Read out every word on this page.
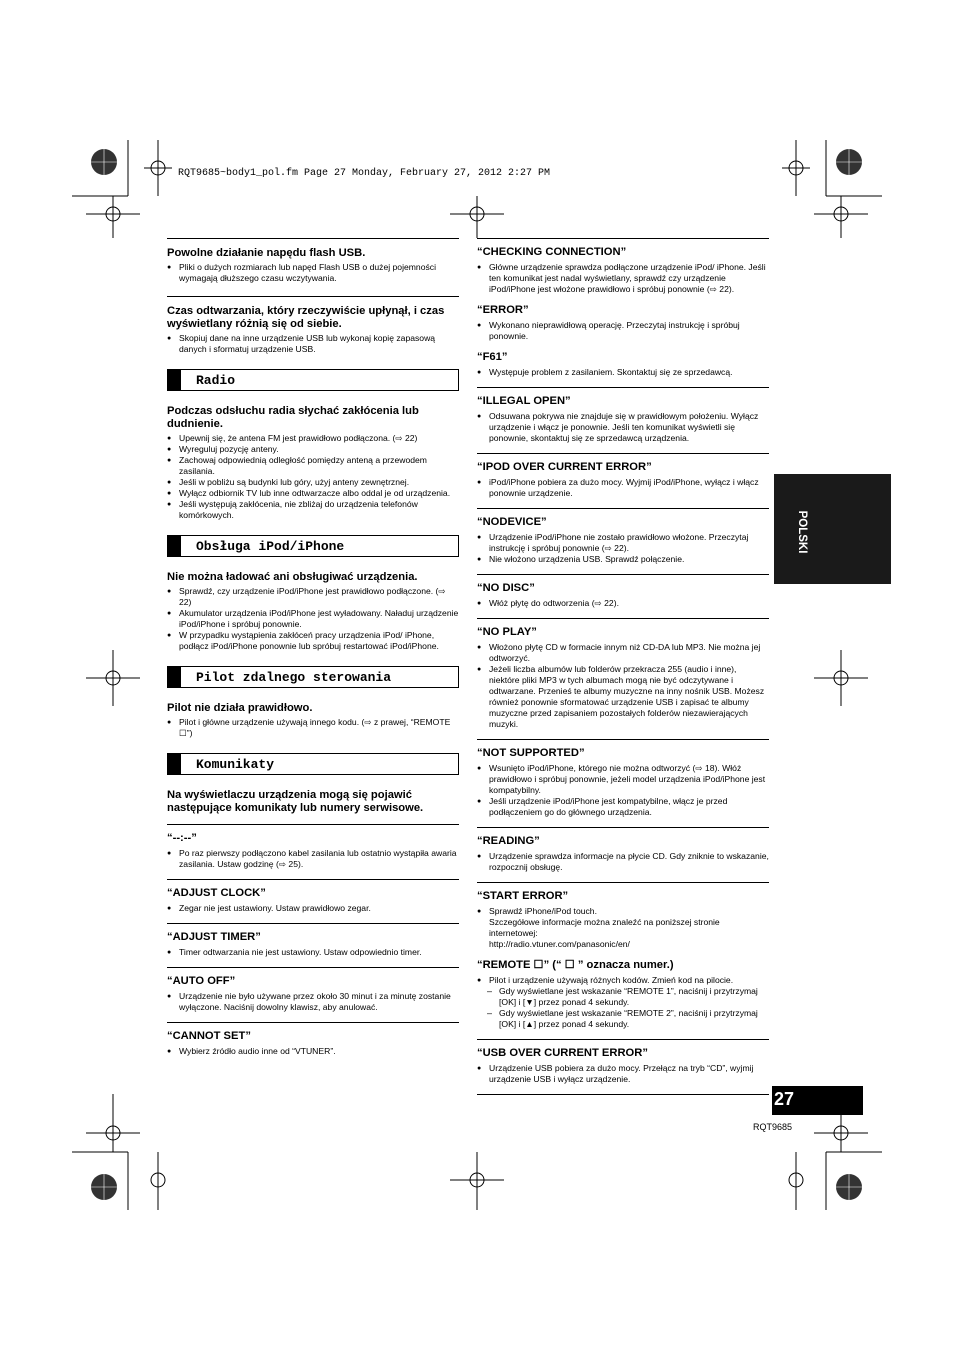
RQT9685~body1_pol.fm Page 27 Monday, February 27, 2012 2:27 PM
Powolne działanie napędu flash USB.
● Pliki o dużych rozmiarach lub napęd Flash USB o dużej pojemności wymagają dłuższego czasu wczytywania.
Czas odtwarzania, który rzeczywiście upłynął, i czas wyświetlany różnią się od siebie.
● Skopiuj dane na inne urządzenie USB lub wykonaj kopię zapasową danych i sformatuj urządzenie USB.
Radio
Podczas odsłuchu radia słychać zakłócenia lub dudnienie.
● Upewnij się, że antena FM jest prawidłowo podłączona. (⇨ 22)
● Wyreguluj pozycję anteny.
● Zachowaj odpowiednią odległość pomiędzy anteną a przewodem zasilania.
● Jeśli w pobliżu są budynki lub góry, użyj anteny zewnętrznej.
● Wyłącz odbiornik TV lub inne odtwarzacze albo oddal je od urządzenia.
● Jeśli występują zakłócenia, nie zbliżaj do urządzenia telefonów komórkowych.
Obsługa iPod/iPhone
Nie można ładować ani obsługiwać urządzenia.
● Sprawdź, czy urządzenie iPod/iPhone jest prawidłowo podłączone. (⇨ 22)
● Akumulator urządzenia iPod/iPhone jest wyładowany. Naładuj urządzenie iPod/iPhone i spróbuj ponownie.
● W przypadku wystąpienia zakłóceń pracy urządzenia iPod/ iPhone, podłącz iPod/iPhone ponownie lub spróbuj restartować iPod/iPhone.
Pilot zdalnego sterowania
Pilot nie działa prawidłowo.
● Pilot i główne urządzenie używają innego kodu. (⇨ z prawej, “REMOTE ☐”)
Komunikaty
Na wyświetlaczu urządzenia mogą się pojawić następujące komunikaty lub numery serwisowe.
“--:--”
● Po raz pierwszy podłączono kabel zasilania lub ostatnio wystąpiła awaria zasilania. Ustaw godzinę (⇨ 25).
“ADJUST CLOCK”
● Zegar nie jest ustawiony. Ustaw prawidłowo zegar.
“ADJUST TIMER”
● Timer odtwarzania nie jest ustawiony. Ustaw odpowiednio timer.
“AUTO OFF”
● Urządzenie nie było używane przez około 30 minut i za minutę zostanie wyłączone. Naciśnij dowolny klawisz, aby anulować.
“CANNOT SET”
● Wybierz źródło audio inne od “VTUNER”.
“CHECKING CONNECTION”
● Główne urządzenie sprawdza podłączone urządzenie iPod/ iPhone. Jeśli ten komunikat jest nadal wyświetlany, sprawdź czy urządzenie iPod/iPhone jest włożone prawidłowo i spróbuj ponownie (⇨ 22).
“ERROR”
● Wykonano nieprawidłową operację. Przeczytaj instrukcję i spróbuj ponownie.
“F61”
● Występuje problem z zasilaniem. Skontaktuj się ze sprzedawcą.
“ILLEGAL OPEN”
● Odsuwana pokrywa nie znajduje się w prawidłowym położeniu. Wyłącz urządzenie i włącz je ponownie. Jeśli ten komunikat wyświetli się ponownie, skontaktuj się ze sprzedawcą urządzenia.
“IPOD OVER CURRENT ERROR”
● iPod/iPhone pobiera za dużo mocy. Wyjmij iPod/iPhone, wyłącz i włącz ponownie urządzenie.
“NODEVICE”
● Urządzenie iPod/iPhone nie zostało prawidłowo włożone. Przeczytaj instrukcję i spróbuj ponownie (⇨ 22).
● Nie włożono urządzenia USB. Sprawdź połączenie.
“NO DISC”
● Włóż płytę do odtworzenia (⇨ 22).
“NO PLAY”
● Włożono płytę CD w formacie innym niż CD-DA lub MP3. Nie można jej odtworzyć.
● Jeżeli liczba albumów lub folderów przekracza 255 (audio i inne), niektóre pliki MP3 w tych albumach mogą nie być odczytywane i odtwarzane. Przenieś te albumy muzyczne na inny nośnik USB. Możesz również ponownie sformatować urządzenie USB i zapisać te albumy muzyczne przed zapisaniem pozostałych folderów niezawierających muzyki.
“NOT SUPPORTED”
● Wsunięto iPod/iPhone, którego nie można odtworzyć (⇨ 18). Włóż prawidłowo i spróbuj ponownie, jeżeli model urządzenia iPod/iPhone jest kompatybilny.
● Jeśli urządzenie iPod/iPhone jest kompatybilne, włącz je przed podłączeniem go do głównego urządzenia.
“READING”
● Urządzenie sprawdza informacje na płycie CD. Gdy zniknie to wskazanie, rozpocznij obsługę.
“START ERROR”
● Sprawdź iPhone/iPod touch.
Szczegółowe informacje można znaleźć na poniższej stronie internetowej:
http://radio.vtuner.com/panasonic/en/
“REMOTE ☐” (“ ☐ ” oznacza numer.)
● Pilot i urządzenie używają różnych kodów. Zmień kod na pilocie.
– Gdy wyświetlane jest wskazanie “REMOTE 1”, naciśnij i przytrzymaj [OK] i [▼] przez ponad 4 sekundy.
– Gdy wyświetlane jest wskazanie “REMOTE 2”, naciśnij i przytrzymaj [OK] i [▲] przez ponad 4 sekundy.
“USB OVER CURRENT ERROR”
● Urządzenie USB pobiera za dużo mocy. Przełącz na tryb “CD”, wyjmij urządzenie USB i wyłącz urządzenie.
POLSKI
27
RQT9685
